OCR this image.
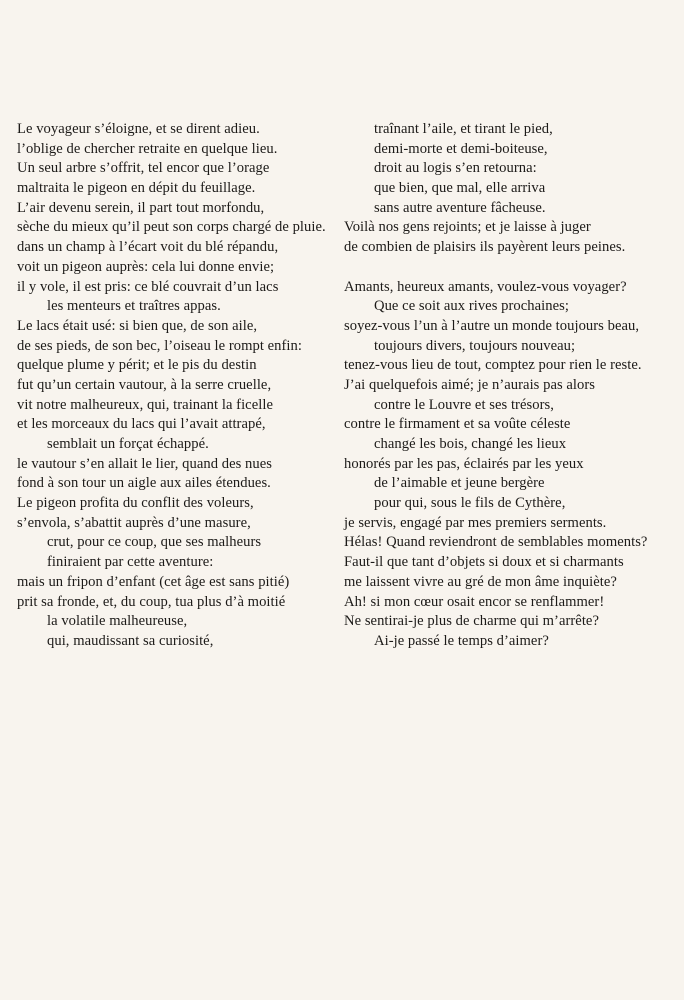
Le voyageur s’éloigne, et se dirent adieu.
l’oblige de chercher retraite en quelque lieu.
Un seul arbre s’offrit, tel encor que l’orage
maltraita le pigeon en dépit du feuillage.
L’air devenu serein, il part tout morfondu,
sèche du mieux qu’il peut son corps chargé de pluie.
dans un champ à l’écart voit du blé répandu,
voit un pigeon auprès: cela lui donne envie;
il y vole, il est pris: ce blé couvrait d’un lacs
les menteurs et traîtres appas.
Le lacs était usé: si bien que, de son aile,
de ses pieds, de son bec, l’oiseau le rompt enfin:
quelque plume y périt; et le pis du destin
fut qu’un certain vautour, à la serre cruelle,
vit notre malheureux, qui, trainant la ficelle
et les morceaux du lacs qui l’avait attrapé,
semblait un forçat échappé.
le vautour s’en allait le lier, quand des nues
fond à son tour un aigle aux ailes étendues.
Le pigeon profita du conflit des voleurs,
s’envola, s’abattit auprès d’une masure,
crut, pour ce coup, que ses malheurs
finiraient par cette aventure:
mais un fripon d’enfant (cet âge est sans pitié)
prit sa fronde, et, du coup, tua plus d’à moitié
la volatile malheureuse,
qui, maudissant sa curiosité,
traînant l’aile, et tirant le pied,
demi-morte et demi-boiteuse,
droit au logis s’en retourna:
que bien, que mal, elle arriva
sans autre aventure fâcheuse.
Voilà nos gens rejoints; et je laisse à juger
de combien de plaisirs ils payèrent leurs peines.
Amants, heureux amants, voulez-vous voyager?
Que ce soit aux rives prochaines;
soyez-vous l’un à l’autre un monde toujours beau,
toujours divers, toujours nouveau;
tenez-vous lieu de tout, comptez pour rien le reste.
J’ai quelquefois aimé; je n’aurais pas alors
contre le Louvre et ses trésors,
contre le firmament et sa voûte céleste
changé les bois, changé les lieux
honorés par les pas, éclairés par les yeux
de l’aimable et jeune bergère
pour qui, sous le fils de Cythère,
je servis, engagé par mes premiers serments.
Hélas! Quand reviendront de semblables moments?
Faut-il que tant d’objets si doux et si charmants
me laissent vivre au gré de mon âme inquiète?
Ah! si mon cœur osait encor se renflammer!
Ne sentirai-je plus de charme qui m’arrête?
Ai-je passé le temps d’aimer?
